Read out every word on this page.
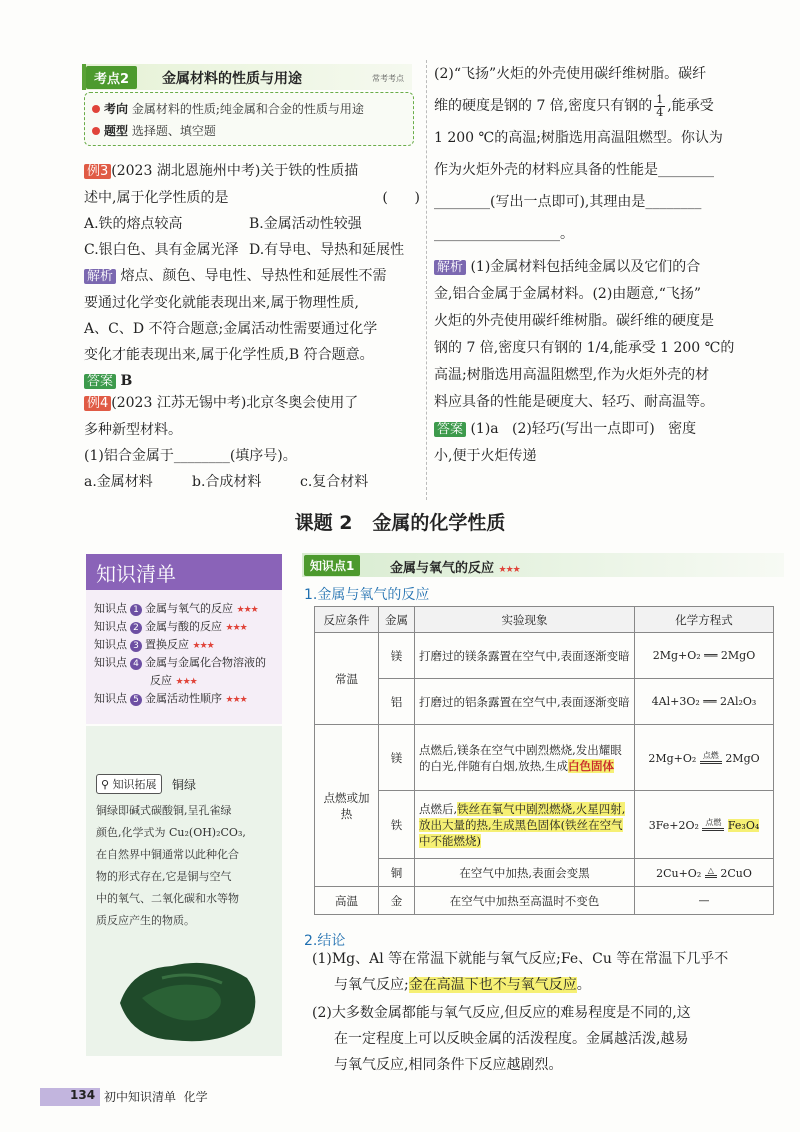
考点2	金属材料的性质与用途	常考考点
考向 金属材料的性质;纯金属和合金的性质与用途
题型 选择题、填空题
例3 (2023 湖北恩施州中考)关于铁的性质描
述中,属于化学性质的是	(      )
A.铁的熔点较高	B.金属活动性较强
C.银白色、具有金属光泽 D.有导电、导热和延展性
解析 熔点、颜色、导电性、导热性和延展性不需
要通过化学变化就能表现出来,属于物理性质,
A、C、D 不符合题意;金属活动性需要通过化学
变化才能表现出来,属于化学性质,B 符合题意。
答案 B
例4 (2023 江苏无锡中考)北京冬奥会使用了
多种新型材料。
(1)铝合金属于________(填序号)。
a.金属材料	b.合成材料	c.复合材料
(2)“飞扬”火炬的外壳使用碳纤维树脂。碳纤
维的硬度是钢的 7 倍,密度只有钢的 1
4 ,能承受
1 200 ℃的高温;树脂选用高温阻燃型。你认为
作为火炬外壳的材料应具备的性能是________
________(写出一点即可),其理由是________
__________________。
解析 (1)金属材料包括纯金属以及它们的合
金,铝合金属于金属材料。(2)由题意,“飞扬”
火炬的外壳使用碳纤维树脂。碳纤维的硬度是
钢的 7 倍,密度只有钢的 1/4,能承受 1 200 ℃的
高温;树脂选用高温阻燃型,作为火炬外壳的材
料应具备的性能是硬度大、轻巧、耐高温等。
答案 (1)a   (2)轻巧(写出一点即可)   密度
小,便于火炬传递
课题 2   金属的化学性质
知识清单
知识点 1 金属与氧气的反应 ★★★
知识点 2 金属与酸的反应 ★★★
知识点 3 置换反应 ★★★
知识点 4 金属与金属化合物溶液的
反应 ★★★
知识点 5 金属活动性顺序 ★★★
⚲ 知识拓展	铜绿
铜绿即碱式碳酸铜,呈孔雀绿
颜色,化学式为 Cu₂(OH)₂CO₃,
在自然界中铜通常以此种化合
物的形式存在,它是铜与空气
中的氧气、二氧化碳和水等物
质反应产生的物质。
知识点1	金属与氧气的反应 ★★★
1.金属与氧气的反应
反应条件	金属	实验现象	化学方程式
常温	镁	打磨过的镁条露置在空气中,表面逐渐变暗	2Mg+O₂ ══ 2MgO
	铝	打磨过的铝条露置在空气中,表面逐渐变暗	4Al+3O₂ ══ 2Al₂O₃
点燃或加热	镁	点燃后,镁条在空气中剧烈燃烧,发出耀眼的白光,伴随有白烟,放热,生成白色固体	2Mg+O₂ 点燃 2MgO
	铁	点燃后,铁丝在氧气中剧烈燃烧,火星四射,放出大量的热,生成黑色固体(铁丝在空气中不能燃烧)	3Fe+2O₂ 点燃 Fe₃O₄
	铜	在空气中加热,表面会变黑	2Cu+O₂ △ 2CuO
高温	金	在空气中加热至高温时不变色	—
2.结论
(1)Mg、Al 等在常温下就能与氧气反应;Fe、Cu 等在常温下几乎不
与氧气反应;金在高温下也不与氧气反应。
(2)大多数金属都能与氧气反应,但反应的难易程度是不同的,这
在一定程度上可以反映金属的活泼程度。金属越活泼,越易
与氧气反应,相同条件下反应越剧烈。
134 初中知识清单  化学
